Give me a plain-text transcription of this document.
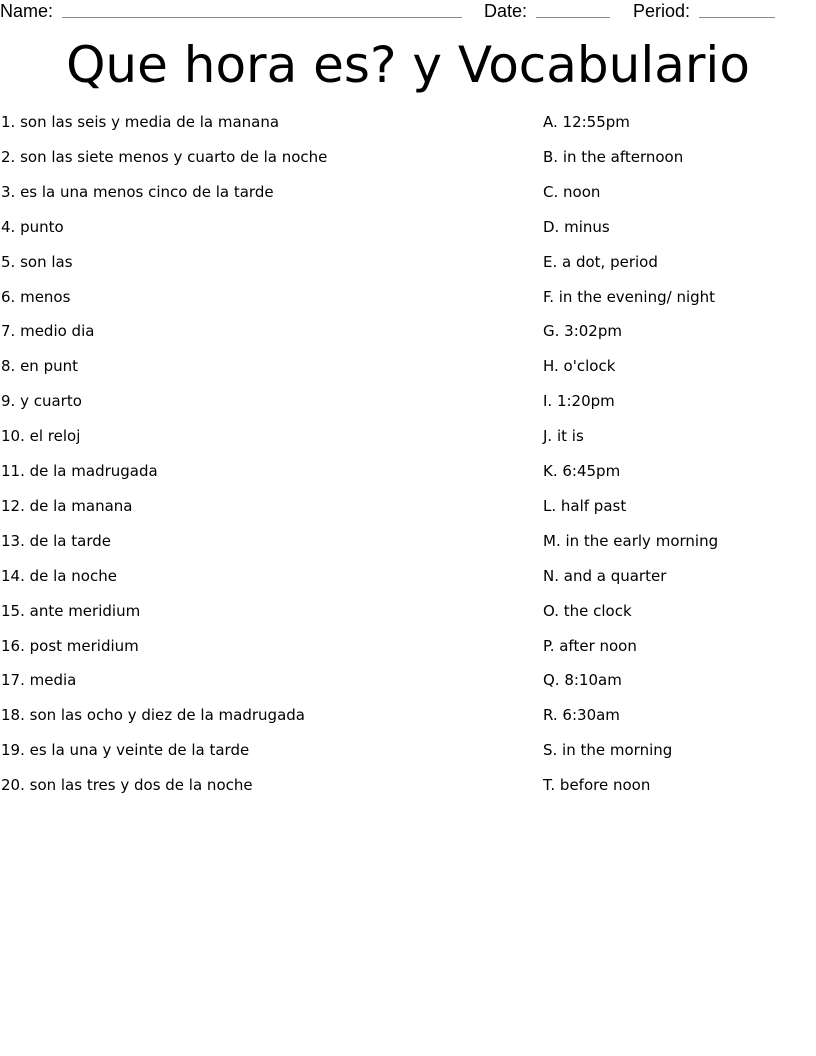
Name:	Date:	Period:
Que hora es? y Vocabulario
1. son las seis y media de la manana	A. 12:55pm
2. son las siete menos y cuarto de la noche	B. in the afternoon
3. es la una menos cinco de la tarde	C. noon
4. punto	D. minus
5. son las	E. a dot, period
6. menos	F. in the evening/ night
7. medio dia	G. 3:02pm
8. en punt	H. o'clock
9. y cuarto	I. 1:20pm
10. el reloj	J. it is
11. de la madrugada	K. 6:45pm
12. de la manana	L. half past
13. de la tarde	M. in the early morning
14. de la noche	N. and a quarter
15. ante meridium	O. the clock
16. post meridium	P. after noon
17. media	Q. 8:10am
18. son las ocho y diez de la madrugada	R. 6:30am
19. es la una y veinte de la tarde	S. in the morning
20. son las tres y dos de la noche	T. before noon
